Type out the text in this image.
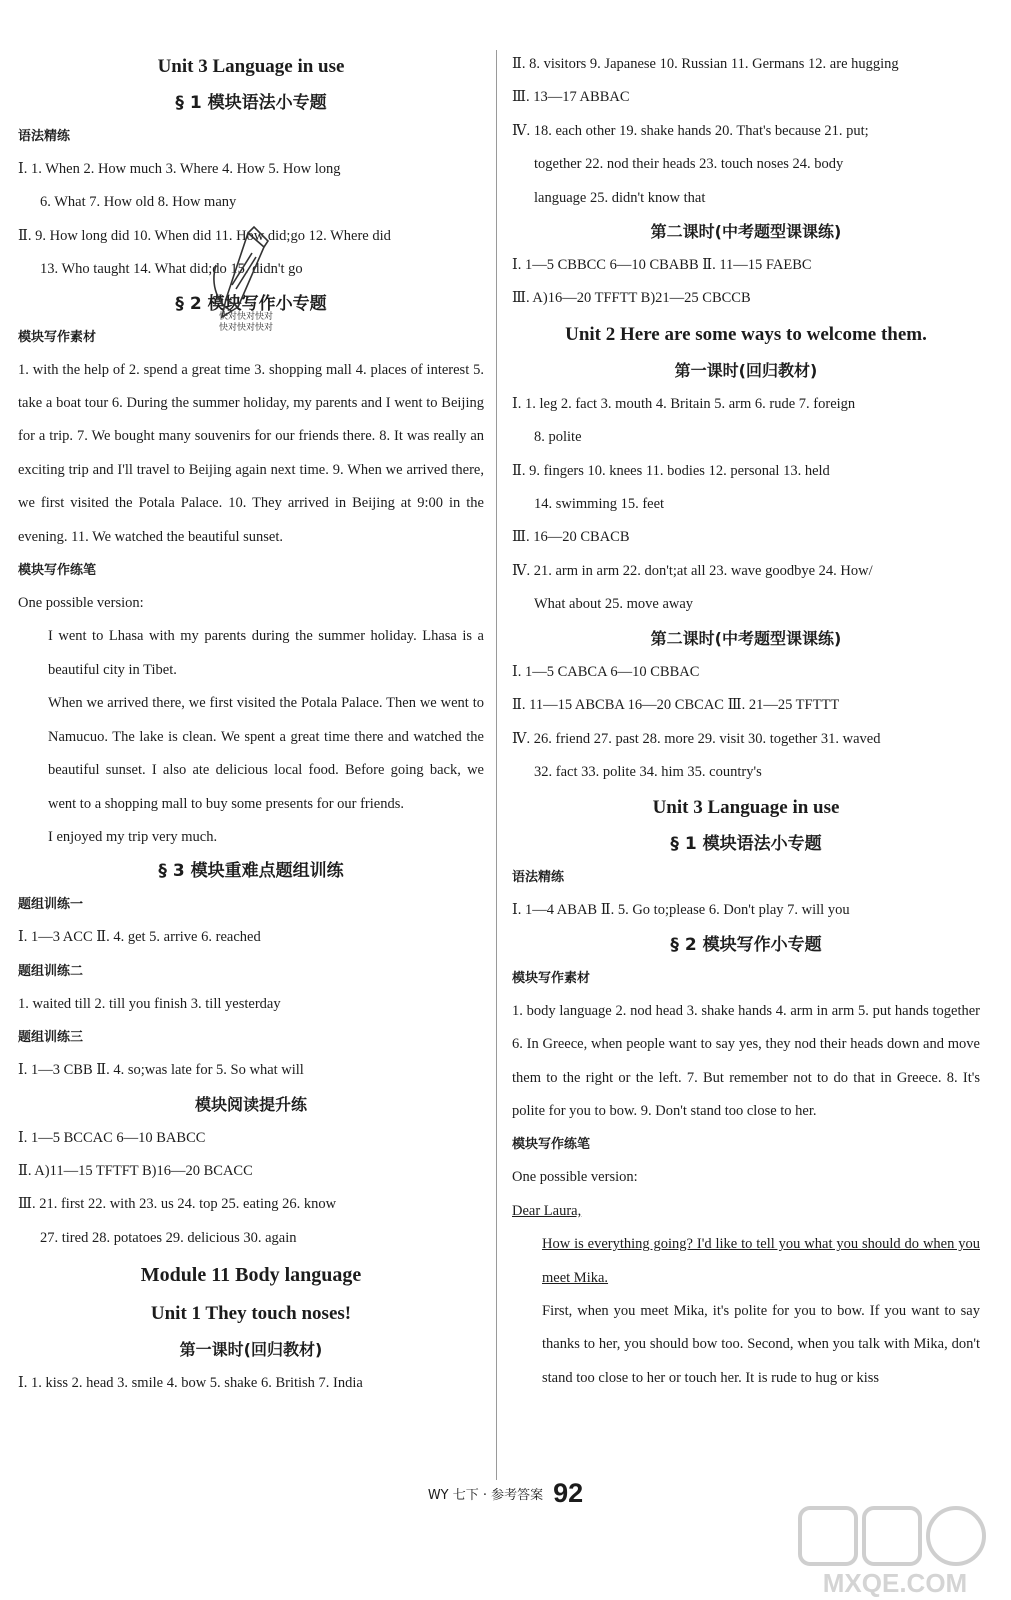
Unit 3 Language in use

§ 1 模块语法小专题

语法精练

Ⅰ. 1. When 2. How much 3. Where 4. How 5. How long

6. What 7. How old 8. How many

Ⅱ. 9. How long did 10. When did 11. How did;go 12. Where did

13. Who taught 14. What did;do 15. didn't go

§ 2 模块写作小专题

模块写作素材

1. with the help of 2. spend a great time 3. shopping mall 4. places of interest 5. take a boat tour 6. During the summer holiday, my parents and I went to Beijing for a trip. 7. We bought many souvenirs for our friends there. 8. It was really an exciting trip and I'll travel to Beijing again next time. 9. When we arrived there, we first visited the Potala Palace. 10. They arrived in Beijing at 9:00 in the evening. 11. We watched the beautiful sunset.

模块写作练笔

One possible version:

I went to Lhasa with my parents during the summer holiday. Lhasa is a beautiful city in Tibet.

When we arrived there, we first visited the Potala Palace. Then we went to Namucuo. The lake is clean. We spent a great time there and watched the beautiful sunset. I also ate delicious local food. Before going back, we went to a shopping mall to buy some presents for our friends.

I enjoyed my trip very much.

§ 3 模块重难点题组训练

题组训练一

Ⅰ. 1—3 ACC Ⅱ. 4. get 5. arrive 6. reached

题组训练二

1. waited till 2. till you finish 3. till yesterday

题组训练三

Ⅰ. 1—3 CBB Ⅱ. 4. so;was late for 5. So what will

模块阅读提升练

Ⅰ. 1—5 BCCAC 6—10 BABCC

Ⅱ. A)11—15 TFTFT B)16—20 BCACC

Ⅲ. 21. first 22. with 23. us 24. top 25. eating 26. know

27. tired 28. potatoes 29. delicious 30. again

Module 11 Body language

Unit 1 They touch noses!

第一课时(回归教材)

Ⅰ. 1. kiss 2. head 3. smile 4. bow 5. shake 6. British 7. India

Ⅱ. 8. visitors 9. Japanese 10. Russian 11. Germans 12. are hugging

Ⅲ. 13—17 ABBAC

Ⅳ. 18. each other 19. shake hands 20. That's because 21. put;

together 22. nod their heads 23. touch noses 24. body

language 25. didn't know that

第二课时(中考题型课课练)

Ⅰ. 1—5 CBBCC 6—10 CBABB Ⅱ. 11—15 FAEBC

Ⅲ. A)16—20 TFFTT B)21—25 CBCCB

Unit 2 Here are some ways to welcome them.

第一课时(回归教材)

Ⅰ. 1. leg 2. fact 3. mouth 4. Britain 5. arm 6. rude 7. foreign

8. polite

Ⅱ. 9. fingers 10. knees 11. bodies 12. personal 13. held

14. swimming 15. feet

Ⅲ. 16—20 CBACB

Ⅳ. 21. arm in arm 22. don't;at all 23. wave goodbye 24. How/

What about 25. move away

第二课时(中考题型课课练)

Ⅰ. 1—5 CABCA 6—10 CBBAC

Ⅱ. 11—15 ABCBA 16—20 CBCAC Ⅲ. 21—25 TFTTT

Ⅳ. 26. friend 27. past 28. more 29. visit 30. together 31. waved

32. fact 33. polite 34. him 35. country's

Unit 3 Language in use

§ 1 模块语法小专题

语法精练

Ⅰ. 1—4 ABAB Ⅱ. 5. Go to;please 6. Don't play 7. will you

§ 2 模块写作小专题

模块写作素材

1. body language 2. nod head 3. shake hands 4. arm in arm 5. put hands together 6. In Greece, when people want to say yes, they nod their heads down and move them to the right or the left. 7. But remember not to do that in Greece. 8. It's polite for you to bow. 9. Don't stand too close to her.

模块写作练笔

One possible version:

Dear Laura,

How is everything going? I'd like to tell you what you should do when you meet Mika.

First, when you meet Mika, it's polite for you to bow. If you want to say thanks to her, you should bow too. Second, when you talk with Mika, don't stand too close to her or touch her. It is rude to hug or kiss

快对快对快对
快对快对快对
WY 七下 · 参考答案 92
MXQE.COM
